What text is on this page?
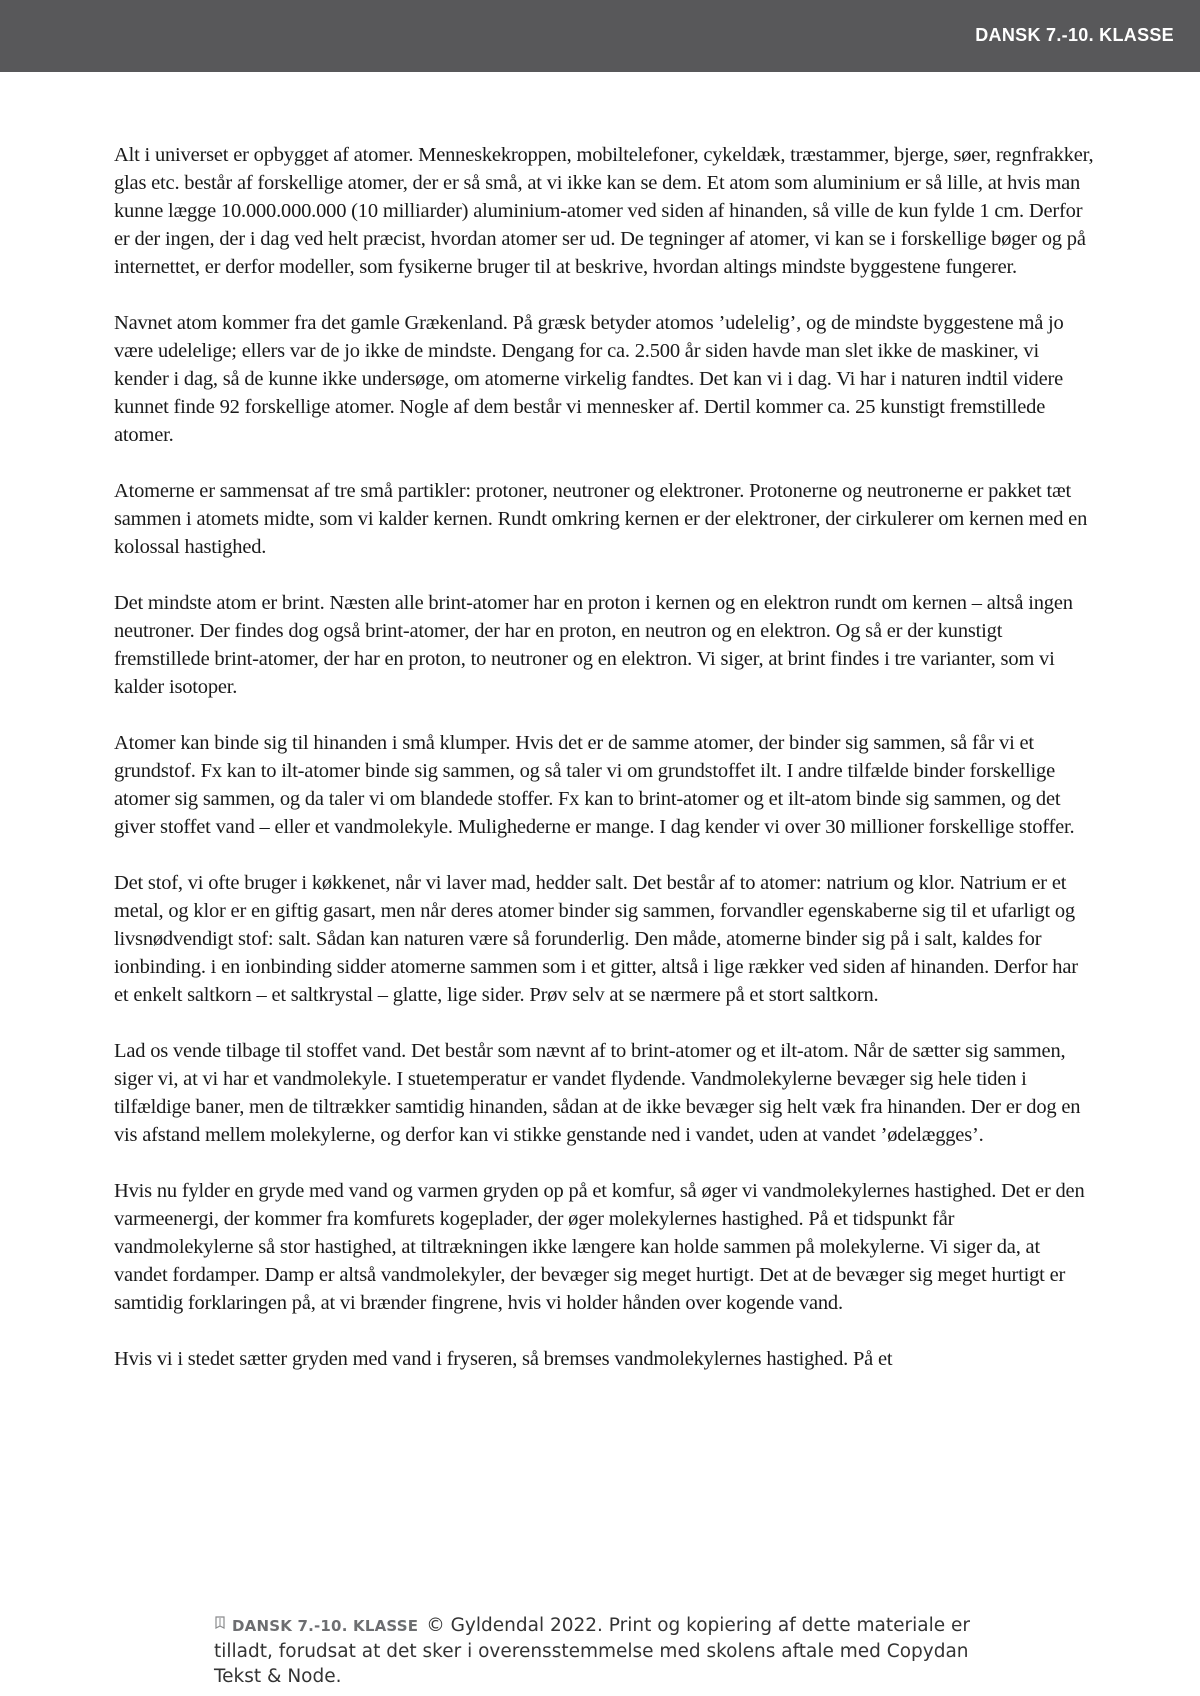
DANSK 7.-10. KLASSE

Alt i universet er opbygget af atomer. Menneskekroppen, mobiltelefoner, cykeldæk, træstammer, bjerge, søer, regnfrakker, glas etc. består af forskellige atomer, der er så små, at vi ikke kan se dem. Et atom som aluminium er så lille, at hvis man kunne lægge 10.000.000.000 (10 milliarder) aluminium-atomer ved siden af hinanden, så ville de kun fylde 1 cm. Derfor er der ingen, der i dag ved helt præcist, hvordan atomer ser ud. De tegninger af atomer, vi kan se i forskellige bøger og på internettet, er derfor modeller, som fysikerne bruger til at beskrive, hvordan altings mindste byggestene fungerer.

Navnet atom kommer fra det gamle Grækenland. På græsk betyder atomos ’udelelig’, og de mindste byggestene må jo være udelelige; ellers var de jo ikke de mindste. Dengang for ca. 2.500 år siden havde man slet ikke de maskiner, vi kender i dag, så de kunne ikke undersøge, om atomerne virkelig fandtes. Det kan vi i dag. Vi har i naturen indtil videre kunnet finde 92 forskellige atomer. Nogle af dem består vi mennesker af. Dertil kommer ca. 25 kunstigt fremstillede atomer.

Atomerne er sammensat af tre små partikler: protoner, neutroner og elektroner. Protonerne og neutronerne er pakket tæt sammen i atomets midte, som vi kalder kernen. Rundt omkring kernen er der elektroner, der cirkulerer om kernen med en kolossal hastighed.

Det mindste atom er brint. Næsten alle brint-atomer har en proton i kernen og en elektron rundt om kernen – altså ingen neutroner. Der findes dog også brint-atomer, der har en proton, en neutron og en elektron. Og så er der kunstigt fremstillede brint-atomer, der har en proton, to neutroner og en elektron. Vi siger, at brint findes i tre varianter, som vi kalder isotoper.

Atomer kan binde sig til hinanden i små klumper. Hvis det er de samme atomer, der binder sig sammen, så får vi et grundstof. Fx kan to ilt-atomer binde sig sammen, og så taler vi om grundstoffet ilt. I andre tilfælde binder forskellige atomer sig sammen, og da taler vi om blandede stoffer. Fx kan to brint-atomer og et ilt-atom binde sig sammen, og det giver stoffet vand – eller et vandmolekyle. Mulighederne er mange. I dag kender vi over 30 millioner forskellige stoffer.

Det stof, vi ofte bruger i køkkenet, når vi laver mad, hedder salt. Det består af to atomer: natrium og klor. Natrium er et metal, og klor er en giftig gasart, men når deres atomer binder sig sammen, forvandler egenskaberne sig til et ufarligt og livsnødvendigt stof: salt. Sådan kan naturen være så forunderlig. Den måde, atomerne binder sig på i salt, kaldes for ionbinding. i en ionbinding sidder atomerne sammen som i et gitter, altså i lige rækker ved siden af hinanden. Derfor har et enkelt saltkorn – et saltkrystal – glatte, lige sider. Prøv selv at se nærmere på et stort saltkorn.

Lad os vende tilbage til stoffet vand. Det består som nævnt af to brint-atomer og et ilt-atom. Når de sætter sig sammen, siger vi, at vi har et vandmolekyle. I stuetemperatur er vandet flydende. Vandmolekylerne bevæger sig hele tiden i tilfældige baner, men de tiltrækker samtidig hinanden, sådan at de ikke bevæger sig helt væk fra hinanden. Der er dog en vis afstand mellem molekylerne, og derfor kan vi stikke genstande ned i vandet, uden at vandet ’ødelægges’.

Hvis nu fylder en gryde med vand og varmen gryden op på et komfur, så øger vi vandmolekylernes hastighed. Det er den varmeenergi, der kommer fra komfurets kogeplader, der øger molekylernes hastighed. På et tidspunkt får vandmolekylerne så stor hastighed, at tiltrækningen ikke længere kan holde sammen på molekylerne. Vi siger da, at vandet fordamper. Damp er altså vandmolekyler, der bevæger sig meget hurtigt. Det at de bevæger sig meget hurtigt er samtidig forklaringen på, at vi brænder fingrene, hvis vi holder hånden over kogende vand.

Hvis vi i stedet sætter gryden med vand i fryseren, så bremses vandmolekylernes hastighed. På et

DANSK 7.-10. KLASSE © Gyldendal 2022. Print og kopiering af dette materiale er tilladt, forudsat at det sker i overensstemmelse med skolens aftale med Copydan Tekst & Node.
